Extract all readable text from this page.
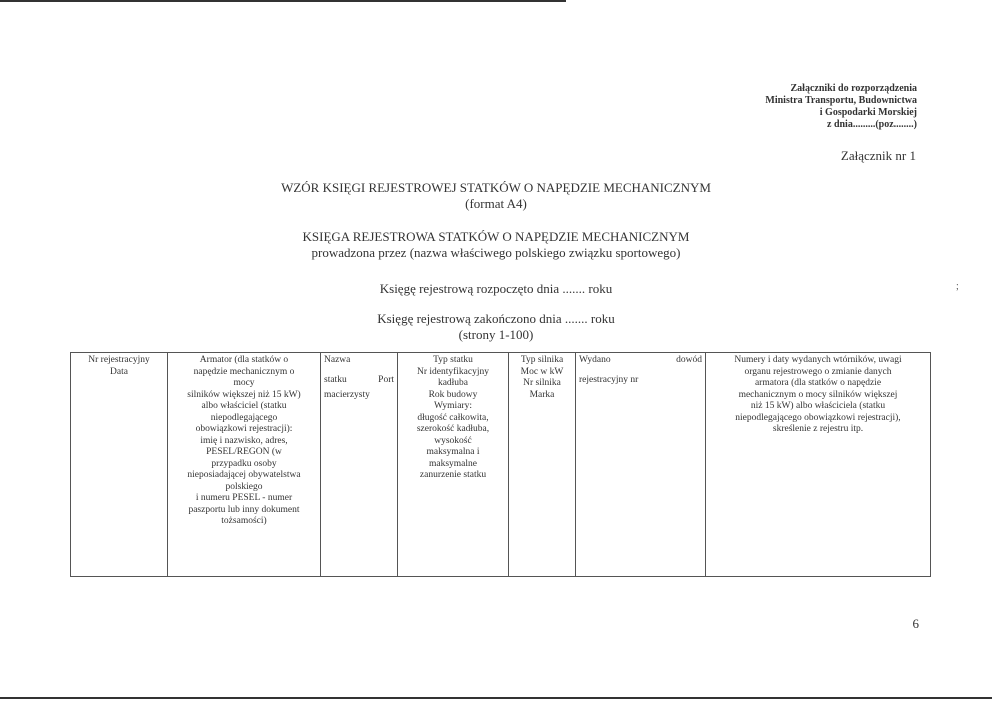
Załączniki do rozporządzenia
Ministra Transportu, Budownictwa
i Gospodarki Morskiej
z dnia.........(poz........)
Załącznik nr 1
WZÓR KSIĘGI REJESTROWEJ STATKÓW O NAPĘDZIE MECHANICZNYM
(format A4)
KSIĘGA REJESTROWA STATKÓW O NAPĘDZIE MECHANICZNYM
prowadzona przez (nazwa właściwego polskiego związku sportowego)
Księgę rejestrową rozpoczęto dnia ....... roku
Księgę rejestrową zakończono dnia ....... roku
(strony 1-100)
;
Nr rejestracyjny
Data

Armator (dla statków o
napędzie mechanicznym o
mocy
silników większej niż 15 kW)
albo właściciel (statku
niepodlegającego
obowiązkowi rejestracji):
imię i nazwisko, adres,
PESEL/REGON (w
przypadku osoby
nieposiadającej obywatelstwa
polskiego
i numeru PESEL - numer
paszportu lub inny dokument
tożsamości)

Nazwa
statku	Port
macierzysty

Typ statku
Nr identyfikacyjny
kadłuba
Rok budowy
Wymiary:
długość całkowita,
szerokość kadłuba,
wysokość
maksymalna i
maksymalne
zanurzenie statku

Typ silnika
Moc w kW
Nr silnika
Marka

Wydano	dowód
rejestracyjny nr

Numery i daty wydanych wtórników, uwagi
organu rejestrowego o zmianie danych
armatora (dla statków o napędzie
mechanicznym o mocy silników większej
niż 15 kW) albo właściciela (statku
niepodlegającego obowiązkowi rejestracji),
skreślenie z rejestru itp.
6
